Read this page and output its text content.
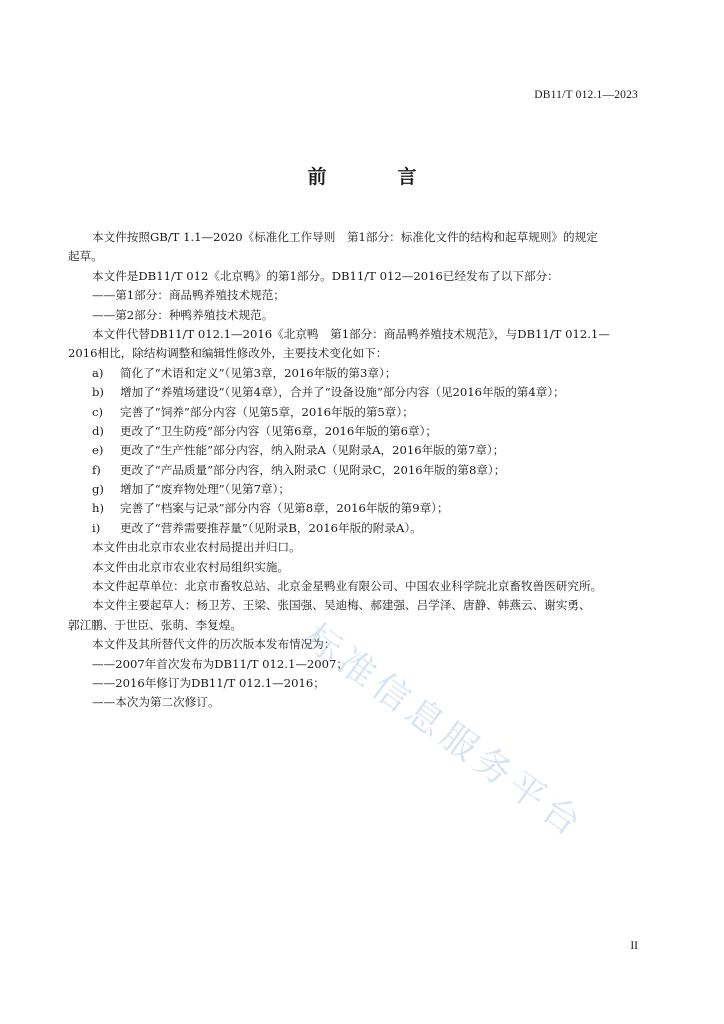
DB11/T 012.1—2023
前　言
本文件按照GB/T 1.1—2020《标准化工作导则　第1部分：标准化文件的结构和起草规则》的规定
起草。
本文件是DB11/T 012《北京鸭》的第1部分。DB11/T 012—2016已经发布了以下部分：
——第1部分：商品鸭养殖技术规范；
——第2部分：种鸭养殖技术规范。
本文件代替DB11/T 012.1—2016《北京鸭　第1部分：商品鸭养殖技术规范》，与DB11/T 012.1—
2016相比，除结构调整和编辑性修改外，主要技术变化如下：
a) 简化了“术语和定义”（见第3章，2016年版的第3章）；
b) 增加了“养殖场建设”（见第4章），合并了“设备设施”部分内容（见2016年版的第4章）；
c) 完善了“饲养”部分内容（见第5章，2016年版的第5章）；
d) 更改了“卫生防疫”部分内容（见第6章，2016年版的第6章）；
e) 更改了“生产性能”部分内容，纳入附录A（见附录A，2016年版的第7章）；
f) 更改了“产品质量”部分内容，纳入附录C（见附录C，2016年版的第8章）；
g) 增加了“废弃物处理”（见第7章）；
h) 完善了“档案与记录”部分内容（见第8章，2016年版的第9章）；
i) 更改了“营养需要推荐量”（见附录B，2016年版的附录A）。
本文件由北京市农业农村局提出并归口。
本文件由北京市农业农村局组织实施。
本文件起草单位：北京市畜牧总站、北京金星鸭业有限公司、中国农业科学院北京畜牧兽医研究所。
本文件主要起草人：杨卫芳、王梁、张国强、吴迪梅、郝建强、吕学泽、唐静、韩燕云、谢实勇、
郭江鹏、于世臣、张萌、李复煌。
本文件及其所替代文件的历次版本发布情况为：
——2007年首次发布为DB11/T 012.1—2007；
——2016年修订为DB11/T 012.1—2016；
——本次为第二次修订。	标准信息服务平台
II
